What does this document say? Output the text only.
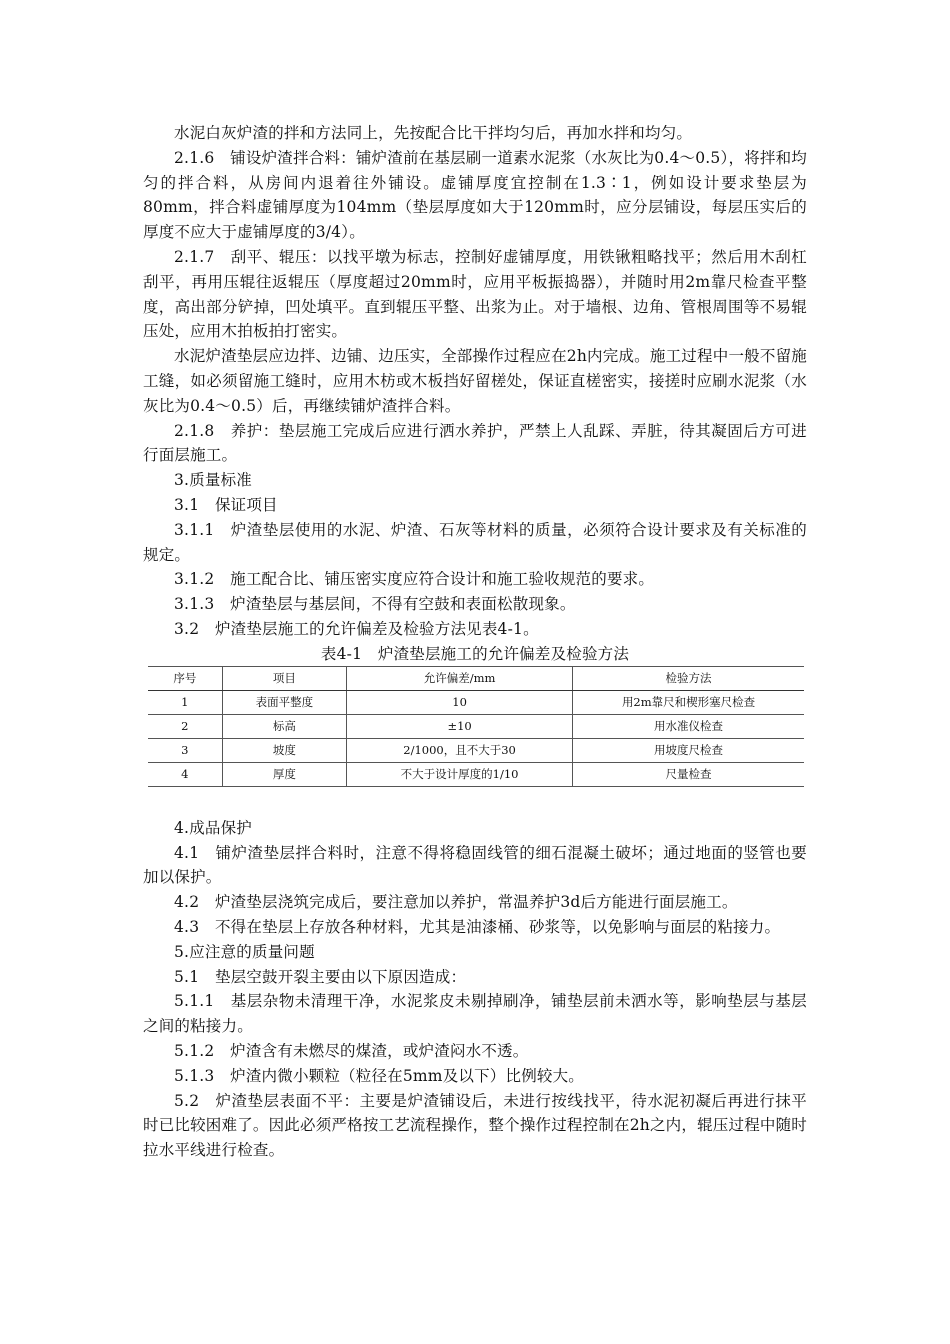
水泥白灰炉渣的拌和方法同上，先按配合比干拌均匀后，再加水拌和均匀。

2.1.6　铺设炉渣拌合料：铺炉渣前在基层刷一道素水泥浆（水灰比为0.4～0.5），将拌和均匀的拌合料，从房间内退着往外铺设。虚铺厚度宜控制在1.3∶1，例如设计要求垫层为80mm，拌合料虚铺厚度为104mm（垫层厚度如大于120mm时，应分层铺设，每层压实后的厚度不应大于虚铺厚度的3/4）。

2.1.7　刮平、辊压：以找平墩为标志，控制好虚铺厚度，用铁锹粗略找平；然后用木刮杠刮平，再用压辊往返辊压（厚度超过20mm时，应用平板振捣器），并随时用2m靠尺检查平整度，高出部分铲掉，凹处填平。直到辊压平整、出浆为止。对于墙根、边角、管根周围等不易辊压处，应用木拍板拍打密实。

水泥炉渣垫层应边拌、边铺、边压实，全部操作过程应在2h内完成。施工过程中一般不留施工缝，如必须留施工缝时，应用木枋或木板挡好留槎处，保证直槎密实，接搓时应刷水泥浆（水灰比为0.4～0.5）后，再继续铺炉渣拌合料。

2.1.8　养护：垫层施工完成后应进行洒水养护，严禁上人乱踩、弄脏，待其凝固后方可进行面层施工。

3.质量标准

3.1　保证项目

3.1.1　炉渣垫层使用的水泥、炉渣、石灰等材料的质量，必须符合设计要求及有关标准的规定。

3.1.2　施工配合比、铺压密实度应符合设计和施工验收规范的要求。

3.1.3　炉渣垫层与基层间，不得有空鼓和表面松散现象。

3.2　炉渣垫层施工的允许偏差及检验方法见表4-1。

表4-1　炉渣垫层施工的允许偏差及检验方法
序号	项目	允许偏差/mm	检验方法
1	表面平整度	10	用2m靠尺和楔形塞尺检查
2	标高	±10	用水准仪检查
3	坡度	2/1000，且不大于30	用坡度尺检查
4	厚度	不大于设计厚度的1/10	尺量检查

4.成品保护

4.1　铺炉渣垫层拌合料时，注意不得将稳固线管的细石混凝土破坏；通过地面的竖管也要加以保护。

4.2　炉渣垫层浇筑完成后，要注意加以养护，常温养护3d后方能进行面层施工。

4.3　不得在垫层上存放各种材料，尤其是油漆桶、砂浆等，以免影响与面层的粘接力。

5.应注意的质量问题

5.1　垫层空鼓开裂主要由以下原因造成：

5.1.1　基层杂物未清理干净，水泥浆皮未剔掉刷净，铺垫层前未洒水等，影响垫层与基层之间的粘接力。

5.1.2　炉渣含有未燃尽的煤渣，或炉渣闷水不透。

5.1.3　炉渣内微小颗粒（粒径在5mm及以下）比例较大。

5.2　炉渣垫层表面不平：主要是炉渣铺设后，未进行按线找平，待水泥初凝后再进行抹平时已比较困难了。因此必须严格按工艺流程操作，整个操作过程控制在2h之内，辊压过程中随时拉水平线进行检查。
